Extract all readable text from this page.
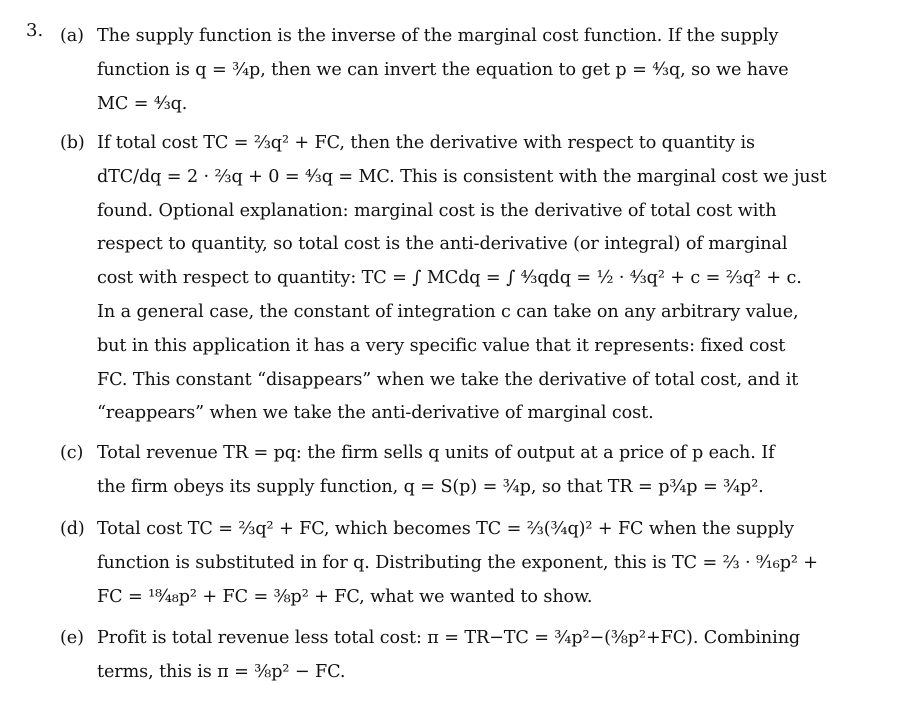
3. (a) The supply function is the inverse of the marginal cost function. If the supply
function is q = ¾p, then we can invert the equation to get p = ⁴⁄₃q, so we have
MC = ⁴⁄₃q.
(b) If total cost TC = ⅔q² + FC, then the derivative with respect to quantity is
dTC/dq = 2 · ⅔q + 0 = ⁴⁄₃q = MC. This is consistent with the marginal cost we just
found. Optional explanation: marginal cost is the derivative of total cost with
respect to quantity, so total cost is the anti-derivative (or integral) of marginal
cost with respect to quantity: TC = ∫ MCdq = ∫ ⁴⁄₃qdq = ½ · ⁴⁄₃q² + c = ⅔q² + c.
In a general case, the constant of integration c can take on any arbitrary value,
but in this application it has a very specific value that it represents: fixed cost
FC. This constant “disappears” when we take the derivative of total cost, and it
“reappears” when we take the anti-derivative of marginal cost.
(c) Total revenue TR = pq: the firm sells q units of output at a price of p each. If
the firm obeys its supply function, q = S(p) = ¾p, so that TR = p¾p = ¾p².
(d) Total cost TC = ⅔q² + FC, which becomes TC = ⅔(¾q)² + FC when the supply
function is substituted in for q. Distributing the exponent, this is TC = ⅔ · ⁹⁄₁₆p² +
FC = ¹⁸⁄₄₈p² + FC = ⅜p² + FC, what we wanted to show.
(e) Profit is total revenue less total cost: π = TR−TC = ¾p²−(⅜p²+FC). Combining
terms, this is π = ⅜p² − FC.
